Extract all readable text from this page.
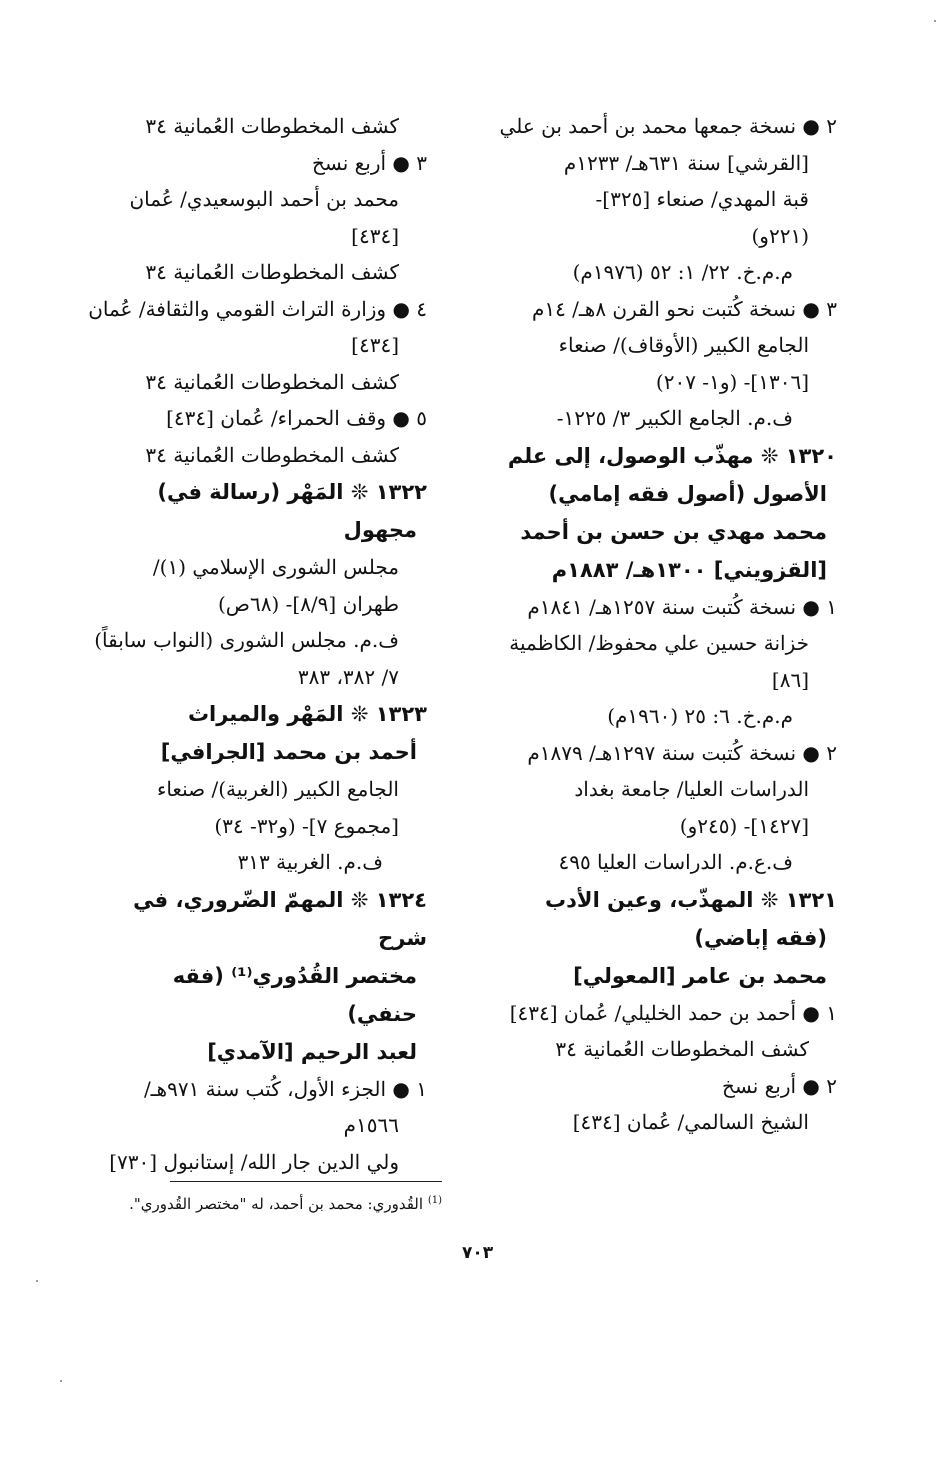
٢ ● نسخة جمعها محمد بن أحمد بن علي
[القرشي] سنة ٦٣١هـ/ ١٢٣٣م
قبة المهدي/ صنعاء [٣٢٥]-
(٢٢١و)
م.م.خ. ٢٢/ ١: ٥٢ (١٩٧٦م)
٣ ● نسخة كُتبت نحو القرن ٨هـ/ ١٤م
الجامع الكبير (الأوقاف)/ صنعاء
[١٣٠٦]- (و١- ٢٠٧)
ف.م. الجامع الكبير ٣/ ١٢٢٥-
١٣٢٠ ❊ مهذّب الوصول، إلى علم
الأصول (أصول فقه إمامي)
محمد مهدي بن حسن بن أحمد
[القزويني] ١٣٠٠هـ/ ١٨٨٣م
١ ● نسخة كُتبت سنة ١٢٥٧هـ/ ١٨٤١م
خزانة حسين علي محفوظ/ الكاظمية
[٨٦]
م.م.خ. ٦: ٢٥ (١٩٦٠م)
٢ ● نسخة كُتبت سنة ١٢٩٧هـ/ ١٨٧٩م
الدراسات العليا/ جامعة بغداد
[١٤٢٧]- (٢٤٥و)
ف.ع.م. الدراسات العليا ٤٩٥
١٣٢١ ❊ المهذّب، وعين الأدب
(فقه إباضي)
محمد بن عامر [المعولي]
١ ● أحمد بن حمد الخليلي/ عُمان [٤٣٤]
كشف المخطوطات العُمانية ٣٤
٢ ● أربع نسخ
الشيخ السالمي/ عُمان [٤٣٤]
كشف المخطوطات العُمانية ٣٤
٣ ● أربع نسخ
محمد بن أحمد البوسعيدي/ عُمان
[٤٣٤]
كشف المخطوطات العُمانية ٣٤
٤ ● وزارة التراث القومي والثقافة/ عُمان
[٤٣٤]
كشف المخطوطات العُمانية ٣٤
٥ ● وقف الحمراء/ عُمان [٤٣٤]
كشف المخطوطات العُمانية ٣٤
١٣٢٢ ❊ المَهْر (رسالة في)
مجهول
مجلس الشورى الإسلامي (١)/
طهران [٨/٩]- (٦٨ص)
ف.م. مجلس الشورى (النواب سابقاً)
٧/ ٣٨٢، ٣٨٣
١٣٢٣ ❊ المَهْر والميراث
أحمد بن محمد [الجرافي]
الجامع الكبير (الغربية)/ صنعاء
[مجموع ٧]- (و٣٢- ٣٤)
ف.م. الغربية ٣١٣
١٣٢٤ ❊ المهمّ الضّروري، في شرح
مختصر القُدُوري⁽¹⁾ (فقه حنفي)
لعبد الرحيم [الآمدي]
١ ● الجزء الأول، كُتب سنة ٩٧١هـ/
١٥٦٦م
ولي الدين جار الله/ إستانبول [٧٣٠]
$^{(1)}$ القُدوري: محمد بن أحمد، له "مختصر القُدوري".
٧٠٣
